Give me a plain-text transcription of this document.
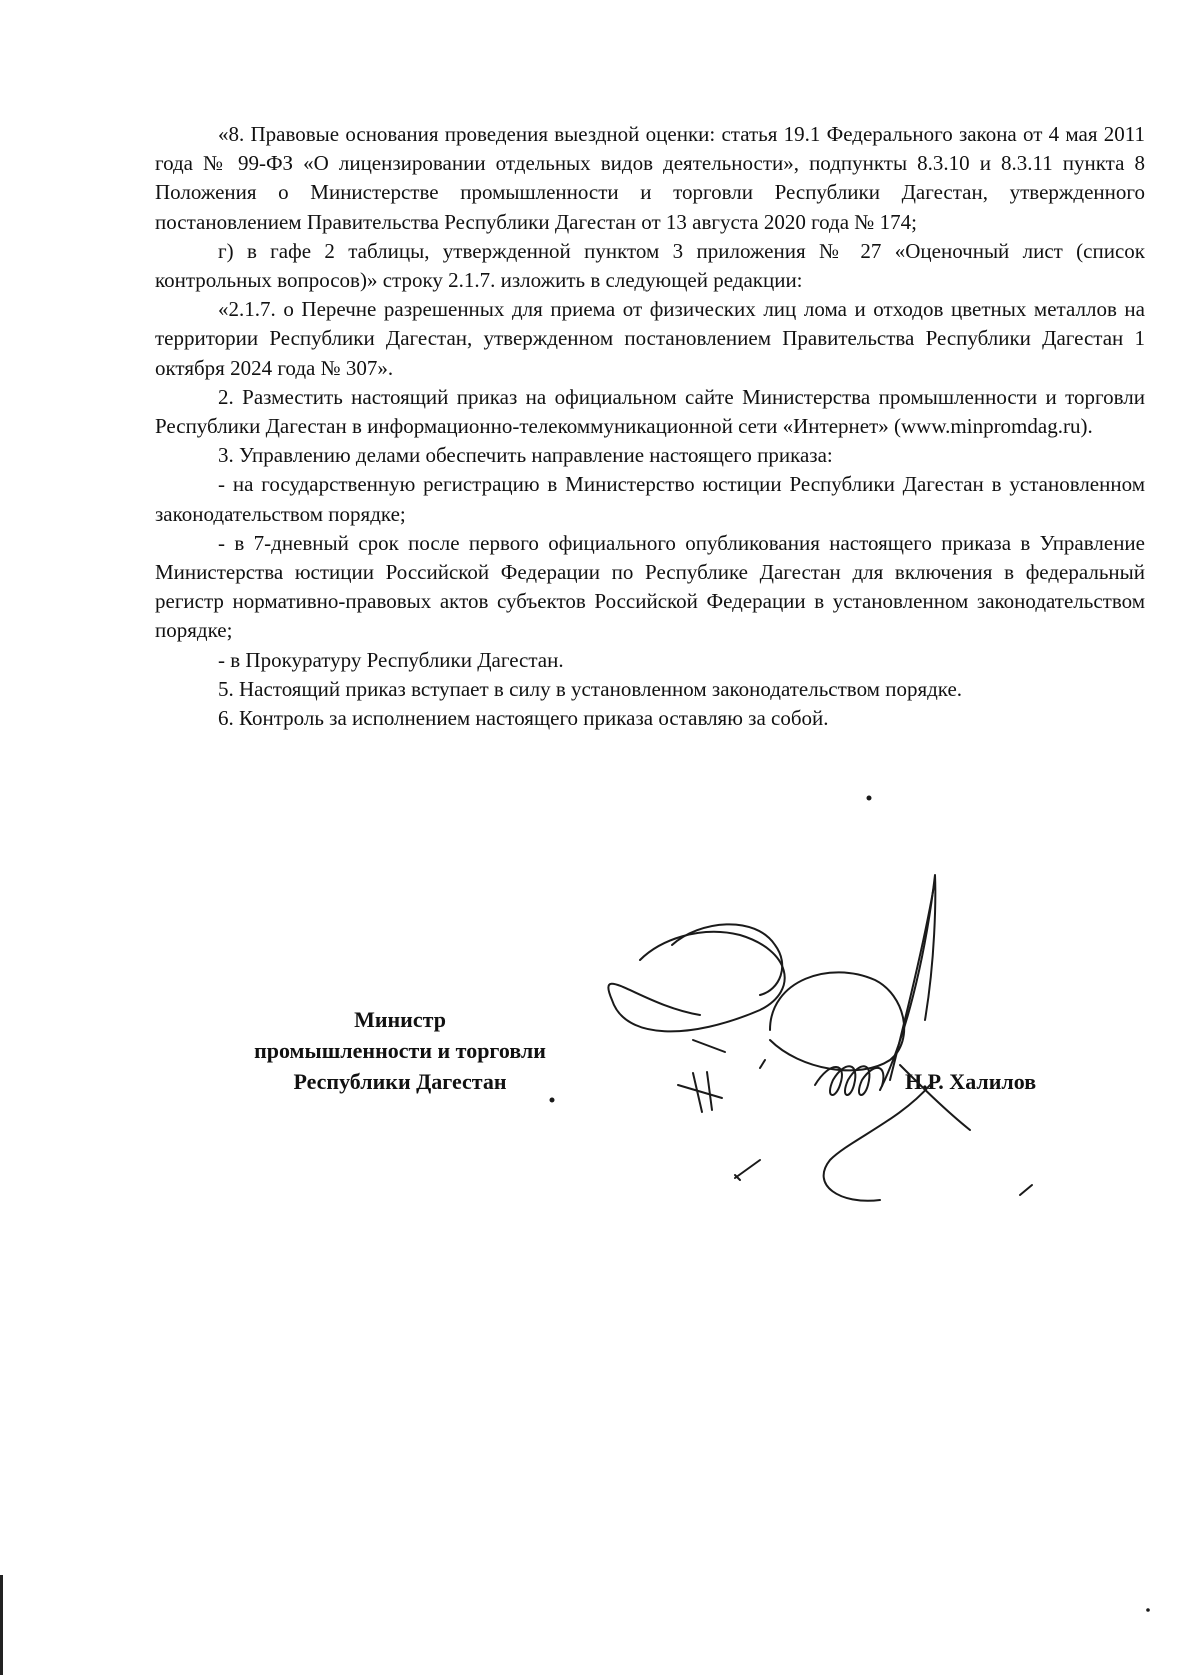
«8. Правовые основания проведения выездной оценки: статья 19.1 Федерального закона от 4 мая 2011 года № 99-ФЗ «О лицензировании отдельных видов деятельности», подпункты 8.3.10 и 8.3.11 пункта 8 Положения о Министерстве промышленности и торговли Республики Дагестан, утвержденного постановлением Правительства Республики Дагестан от 13 августа 2020 года № 174;

г) в гафе 2 таблицы, утвержденной пунктом 3 приложения № 27 «Оценочный лист (список контрольных вопросов)» строку 2.1.7. изложить в следующей редакции:

«2.1.7. о Перечне разрешенных для приема от физических лиц лома и отходов цветных металлов на территории Республики Дагестан, утвержденном постановлением Правительства Республики Дагестан 1 октября 2024 года № 307».

2. Разместить настоящий приказ на официальном сайте Министерства промышленности и торговли Республики Дагестан в информационно-телекоммуникационной сети «Интернет» (www.minpromdag.ru).

3. Управлению делами обеспечить направление настоящего приказа:

- на государственную регистрацию в Министерство юстиции Республики Дагестан в установленном законодательством порядке;

- в 7-дневный срок после первого официального опубликования настоящего приказа в Управление Министерства юстиции Российской Федерации по Республике Дагестан для включения в федеральный регистр нормативно-правовых актов субъектов Российской Федерации в установленном законодательством порядке;

- в Прокуратуру Республики Дагестан.

5. Настоящий приказ вступает в силу в установленном законодательством порядке.

6. Контроль за исполнением настоящего приказа оставляю за собой.

Министр
промышленности и торговли
Республики Дагестан	Н.Р. Халилов
